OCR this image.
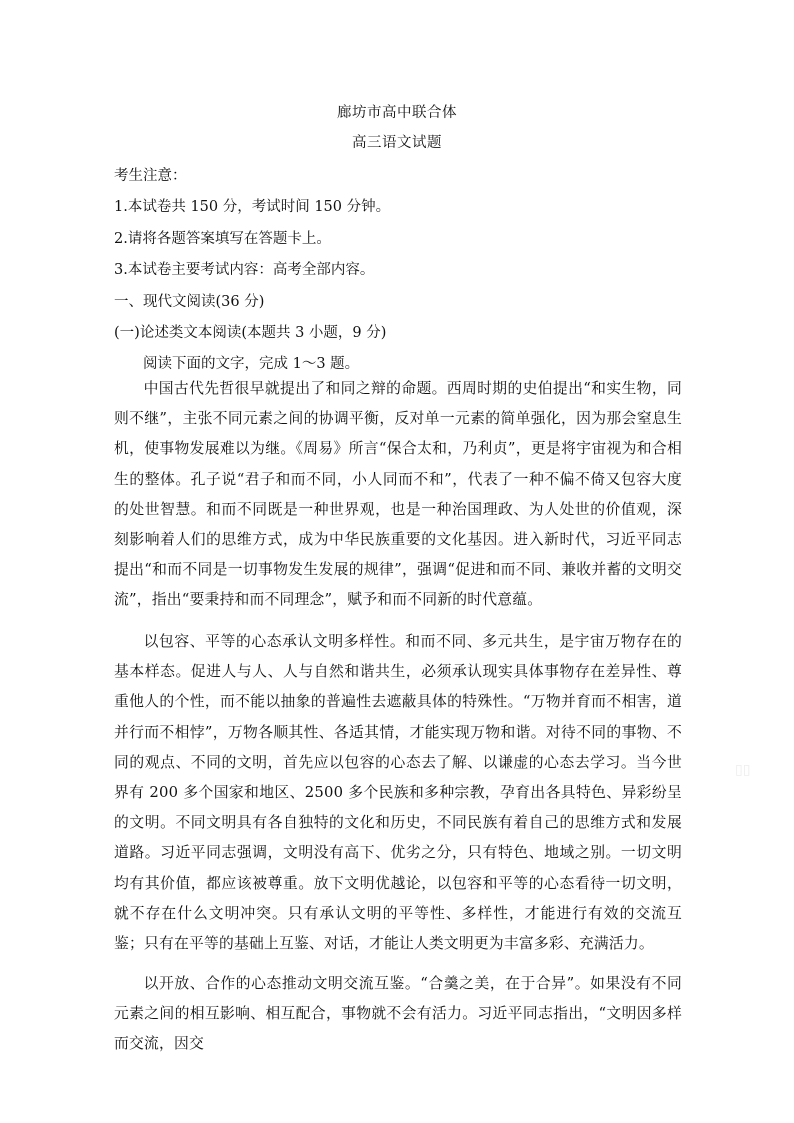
廊坊市高中联合体
高三语文试题
考生注意：
1.本试卷共 150 分，考试时间 150 分钟。
2.请将各题答案填写在答题卡上。
3.本试卷主要考试内容：高考全部内容。
一、现代文阅读(36 分)
(一)论述类文本阅读(本题共 3 小题，9 分)
阅读下面的文字，完成 1～3 题。

中国古代先哲很早就提出了和同之辩的命题。西周时期的史伯提出“和实生物，同则不继”，主张不同元素之间的协调平衡，反对单一元素的简单强化，因为那会窒息生机，使事物发展难以为继。《周易》所言“保合太和，乃利贞”，更是将宇宙视为和合相生的整体。孔子说“君子和而不同，小人同而不和”，代表了一种不偏不倚又包容大度的处世智慧。和而不同既是一种世界观，也是一种治国理政、为人处世的价值观，深刻影响着人们的思维方式，成为中华民族重要的文化基因。进入新时代，习近平同志提出“和而不同是一切事物发生发展的规律”，强调“促进和而不同、兼收并蓄的文明交流”，指出“要秉持和而不同理念”，赋予和而不同新的时代意蕴。

以包容、平等的心态承认文明多样性。和而不同、多元共生，是宇宙万物存在的基本样态。促进人与人、人与自然和谐共生，必须承认现实具体事物存在差异性、尊重他人的个性，而不能以抽象的普遍性去遮蔽具体的特殊性。“万物并育而不相害，道并行而不相悖”，万物各顺其性、各适其情，才能实现万物和谐。对待不同的事物、不同的观点、不同的文明，首先应以包容的心态去了解、以谦虚的心态去学习。当今世界有 200 多个国家和地区、2500 多个民族和多种宗教，孕育出各具特色、异彩纷呈的文明。不同文明具有各自独特的文化和历史，不同民族有着自己的思维方式和发展道路。习近平同志强调，文明没有高下、优劣之分，只有特色、地域之别。一切文明均有其价值，都应该被尊重。放下文明优越论，以包容和平等的心态看待一切文明，就不存在什么文明冲突。只有承认文明的平等性、多样性，才能进行有效的交流互鉴；只有在平等的基础上互鉴、对话，才能让人类文明更为丰富多彩、充满活力。

以开放、合作的心态推动文明交流互鉴。“合羹之美，在于合异”。如果没有不同元素之间的相互影响、相互配合，事物就不会有活力。习近平同志指出，“文明因多样而交流，因交

▯▯
